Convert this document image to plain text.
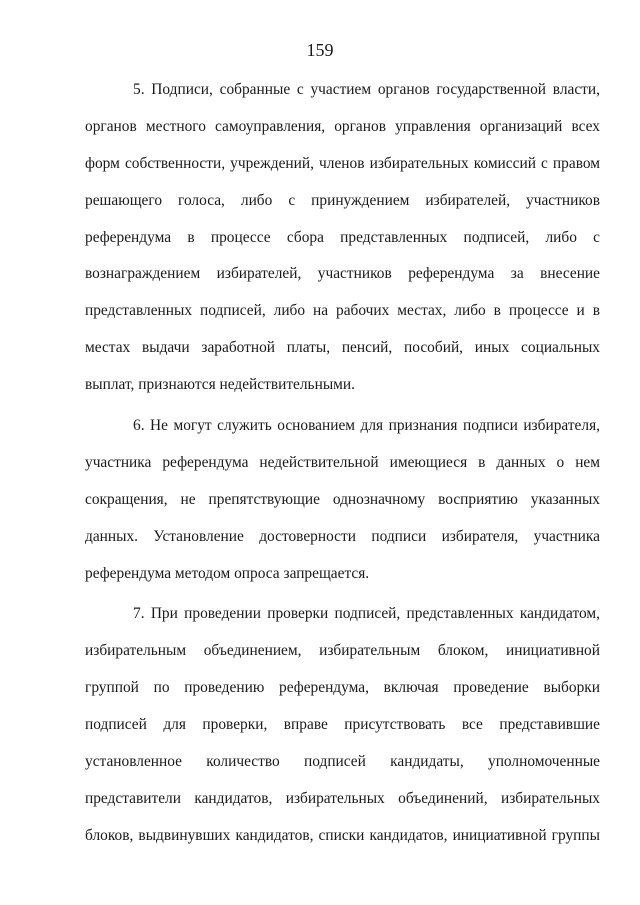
159
5. Подписи, собранные с участием органов государственной власти,
органов местного самоуправления, органов управления организаций всех
форм собственности, учреждений, членов избирательных комиссий с правом
решающего голоса, либо с принуждением избирателей, участников
референдума в процессе сбора представленных подписей, либо с
вознаграждением избирателей, участников референдума за внесение
представленных подписей, либо на рабочих местах, либо в процессе и в
местах выдачи заработной платы, пенсий, пособий, иных социальных
выплат, признаются недействительными.
6. Не могут служить основанием для признания подписи избирателя,
участника референдума недействительной имеющиеся в данных о нем
сокращения, не препятствующие однозначному восприятию указанных
данных. Установление достоверности подписи избирателя, участника
референдума методом опроса запрещается.
7. При проведении проверки подписей, представленных кандидатом,
избирательным объединением, избирательным блоком, инициативной
группой по проведению референдума, включая проведение выборки
подписей для проверки, вправе присутствовать все представившие
установленное количество подписей кандидаты, уполномоченные
представители кандидатов, избирательных объединений, избирательных
блоков, выдвинувших кандидатов, списки кандидатов, инициативной группы
